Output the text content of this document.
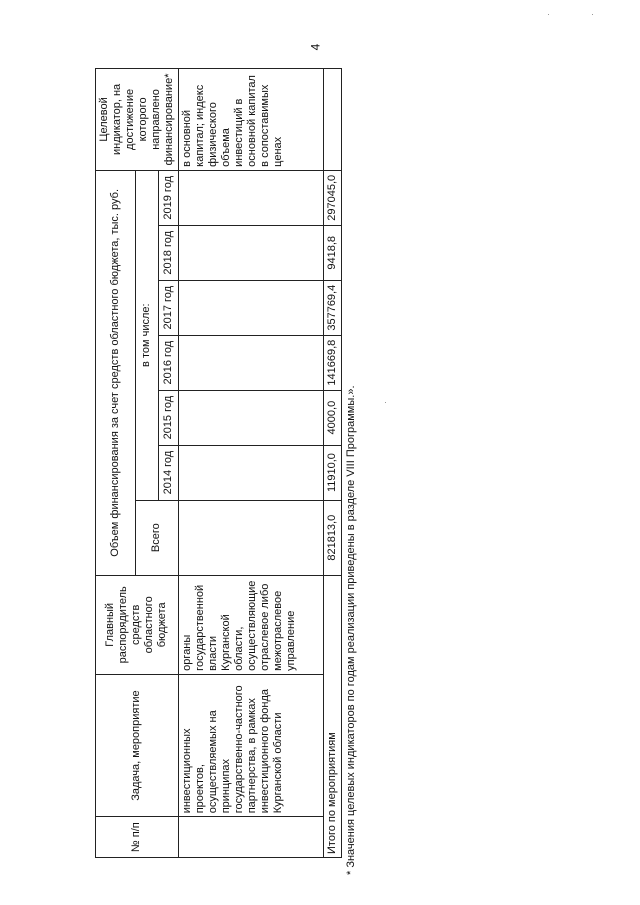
4
№ п/п	Задача, мероприятие	Главный распорядитель средств областного бюджета	Объем финансирования за счет средств областного бюджета, тыс. руб.							Целевой индикатор, на достижение которого направлено финансирование*
			Всего	в том числе:						
				2014 год	2015 год	2016 год	2017 год	2018 год	2019 год	
	инвестиционных проектов, осуществляемых на принципах государственно-частного партнерства, в рамках инвестиционного фонда Курганской области	органы государственной власти Курганской области, осуществляющие отраслевое либо межотраслевое управление								в основной капитал; индекс физического объема инвестиций в основной капитал в сопоставимых ценах
Итого по мероприятиям			821813,0	11910,0	4000,0	141669,8	357769,4	9418,8	297045,0	
* Значения целевых индикаторов по годам реализации приведены в разделе VIII Программы.».
